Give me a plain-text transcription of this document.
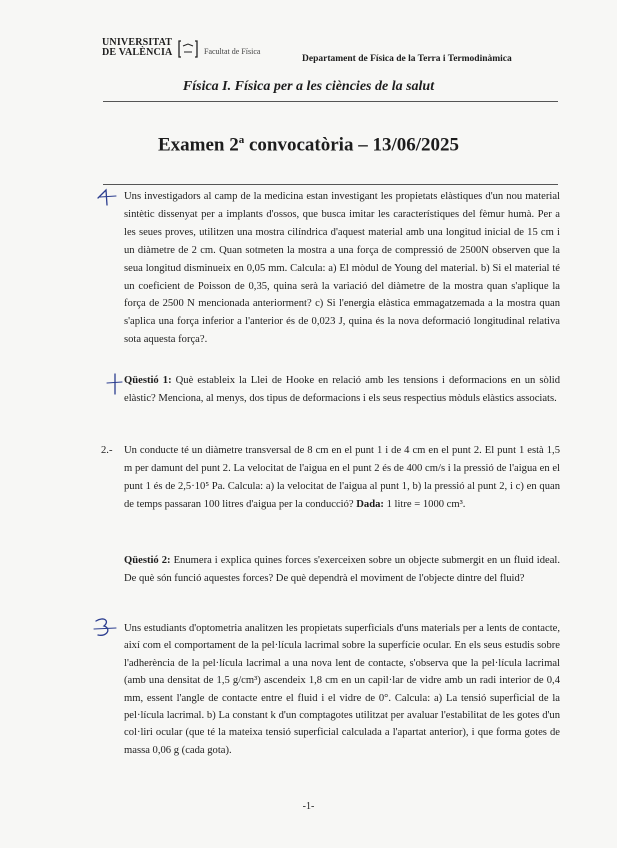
UNIVERSITAT
DE VALÈNCIA	Facultat de Física
Departament de Física de la Terra i Termodinàmica
Física I. Física per a les ciències de la salut
Examen 2$^a$ convocatòria – 13/06/2025
Uns investigadors al camp de la medicina estan investigant les propietats elàstiques d'un nou material sintètic dissenyat per a implants d'ossos, que busca imitar les característiques del fèmur humà. Per a les seues proves, utilitzen una mostra cilíndrica d'aquest material amb una longitud inicial de 15 cm i un diàmetre de 2 cm. Quan sotmeten la mostra a una força de compressió de 2500N observen que la seua longitud disminueix en 0,05 mm. Calcula: a) El mòdul de Young del material. b) Si el material té un coeficient de Poisson de 0,35, quina serà la variació del diàmetre de la mostra quan s'aplique la força de 2500 N mencionada anteriorment? c) Si l'energia elàstica emmagatzemada a la mostra quan s'aplica una força inferior a l'anterior és de 0,023 J, quina és la nova deformació longitudinal relativa sota aquesta força?.
Qüestió 1: Què estableix la Llei de Hooke en relació amb les tensions i deformacions en un sòlid elàstic? Menciona, al menys, dos tipus de deformacions i els seus respectius mòduls elàstics associats.
2.- Un conducte té un diàmetre transversal de 8 cm en el punt 1 i de 4 cm en el punt 2. El punt 1 està 1,5 m per damunt del punt 2. La velocitat de l'aigua en el punt 2 és de 400 cm/s i la pressió de l'aigua en el punt 1 és de 2,5·10⁵ Pa. Calcula: a) la velocitat de l'aigua al punt 1, b) la pressió al punt 2, i c) en quan de temps passaran 100 litres d'aigua per la conducció? Dada: 1 litre = 1000 cm³.
Qüestió 2: Enumera i explica quines forces s'exerceixen sobre un objecte submergit en un fluid ideal. De què són funció aquestes forces? De què dependrà el moviment de l'objecte dintre del fluid?
Uns estudiants d'optometria analitzen les propietats superficials d'uns materials per a lents de contacte, així com el comportament de la pel·lícula lacrimal sobre la superfície ocular. En els seus estudis sobre l'adherència de la pel·lícula lacrimal a una nova lent de contacte, s'observa que la pel·lícula lacrimal (amb una densitat de 1,5 g/cm³) ascendeix 1,8 cm en un capil·lar de vidre amb un radi interior de 0,4 mm, essent l'angle de contacte entre el fluid i el vidre de 0°. Calcula: a) La tensió superficial de la pel·lícula lacrimal. b) La constant k d'un comptagotes utilitzat per avaluar l'estabilitat de les gotes d'un col·liri ocular (que té la mateixa tensió superficial calculada a l'apartat anterior), i que forma gotes de massa 0,06 g (cada gota).
-1-
